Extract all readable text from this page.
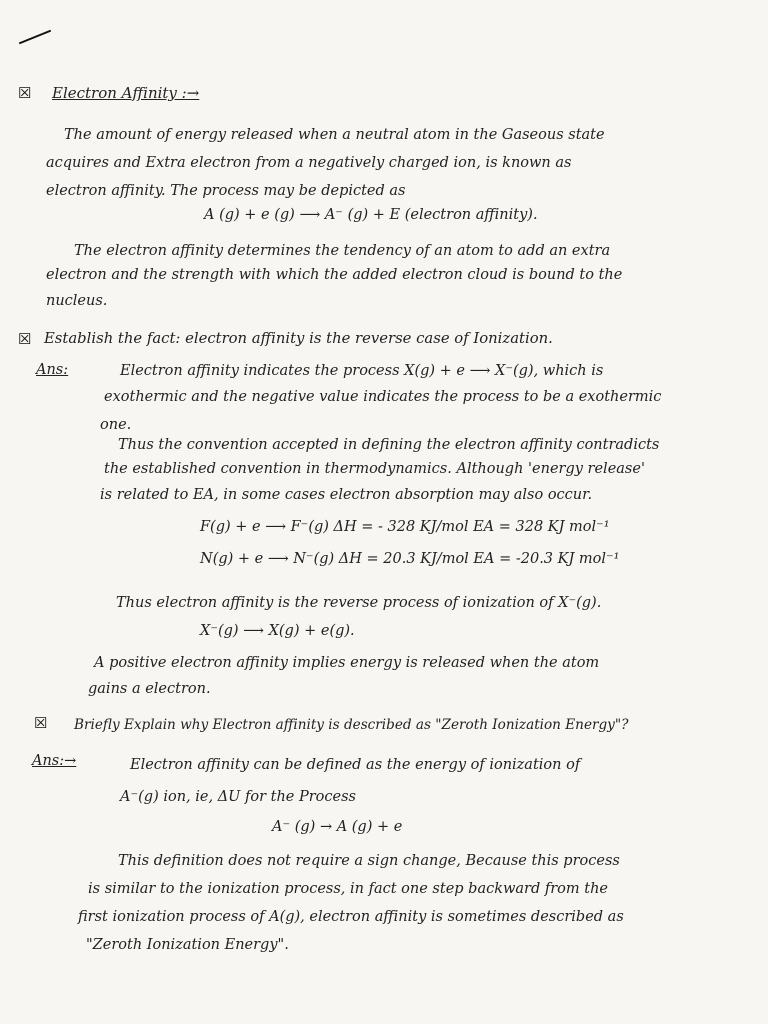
☒ Electron Affinity :→
The amount of energy released when a neutral atom in the Gaseous state
acquires and Extra electron from a negatively charged ion, is known as
electron affinity. The process may be depicted as
A (g) + e (g) ⟶ A⁻ (g) + E (electron affinity).
The electron affinity determines the tendency of an atom to add an extra
electron and the strength with which the added electron cloud is bound to the
nucleus.
☒ Establish the fact: electron affinity is the reverse case of Ionization.
Ans:	Electron affinity indicates the process X(g) + e ⟶ X⁻(g), which is
exothermic and the negative value indicates the process to be a exothermic
one.
Thus the convention accepted in defining the electron affinity contradicts
the established convention in thermodynamics. Although 'energy release'
is related to EA, in some cases electron absorption may also occur.
F(g) + e ⟶ F⁻(g) ΔH = - 328 KJ/mol EA = 328 KJ mol⁻¹
N(g) + e ⟶ N⁻(g) ΔH = 20.3 KJ/mol EA = -20.3 KJ mol⁻¹
Thus electron affinity is the reverse process of ionization of X⁻(g).
X⁻(g) ⟶ X(g) + e(g).
A positive electron affinity implies energy is released when the atom
gains a electron.
☒ Briefly Explain why Electron affinity is described as "Zeroth Ionization Energy"?
Ans:→	Electron affinity can be defined as the energy of ionization of
A⁻(g) ion, ie, ΔU for the Process
A⁻ (g) → A (g) + e
This definition does not require a sign change, Because this process
is similar to the ionization process, in fact one step backward from the
first ionization process of A(g), electron affinity is sometimes described as
"Zeroth Ionization Energy".
